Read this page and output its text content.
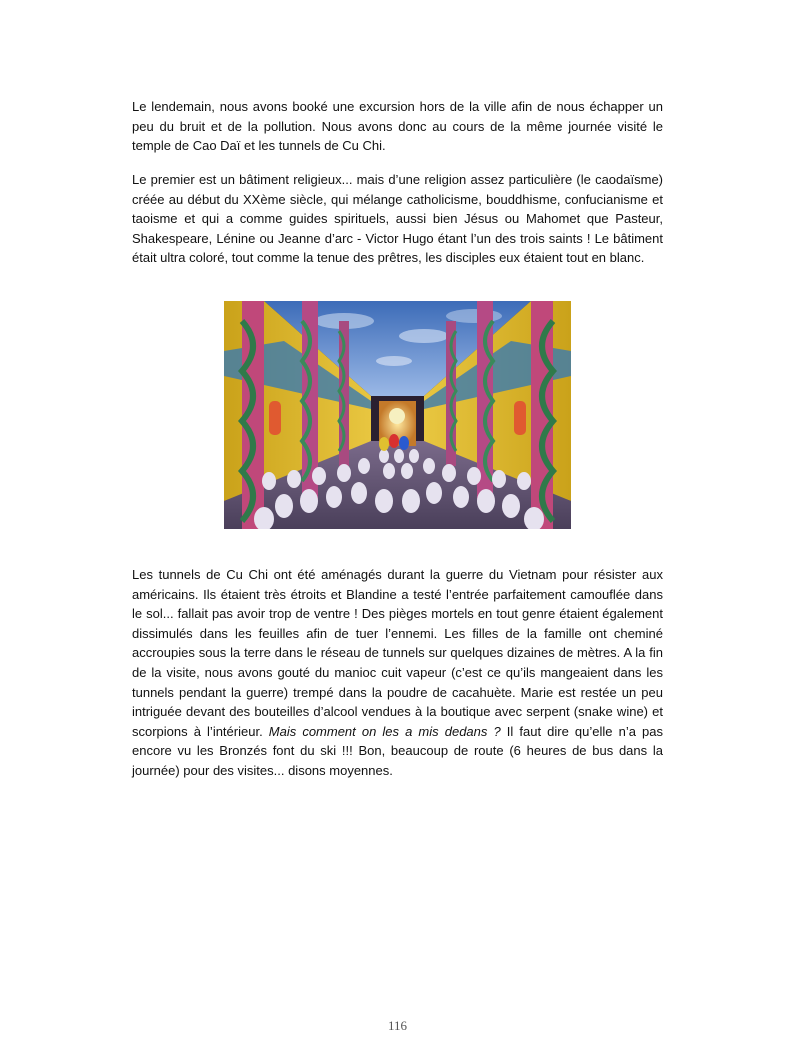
Le lendemain, nous avons booké une excursion hors de la ville afin de nous échapper un peu du bruit et de la pollution. Nous avons donc au cours de la même journée visité le temple de Cao Daï et les tunnels de Cu Chi.

Le premier est un bâtiment religieux... mais d’une religion assez particulière (le caodaïsme) créée au début du XXème siècle, qui mélange catholicisme, bouddhisme, confucianisme et taoisme et qui a comme guides spirituels, aussi bien Jésus ou Mahomet que Pasteur, Shakespeare, Lénine ou Jeanne d’arc - Victor Hugo étant l’un des trois saints ! Le bâtiment était ultra coloré, tout comme la tenue des prêtres, les disciples eux étaient tout en blanc.

Les tunnels de Cu Chi ont été aménagés durant la guerre du Vietnam pour résister aux américains. Ils étaient très étroits et Blandine a testé l’entrée parfaitement camouflée dans le sol... fallait pas avoir trop de ventre ! Des pièges mortels en tout genre étaient également dissimulés dans les feuilles afin de tuer l’ennemi. Les filles de la famille ont cheminé accroupies sous la terre dans le réseau de tunnels sur quelques dizaines de mètres. A la fin de la visite, nous avons gouté du manioc cuit vapeur (c’est ce qu’ils mangeaient dans les tunnels pendant la guerre) trempé dans la poudre de cacahuète. Marie est restée un peu intriguée devant des bouteilles d’alcool vendues à la boutique avec serpent (snake wine) et scorpions à l’intérieur. Mais comment on les a mis dedans ? Il faut dire qu’elle n’a pas encore vu les Bronzés font du ski !!! Bon, beaucoup de route (6 heures de bus dans la journée) pour des visites... disons moyennes.

116
